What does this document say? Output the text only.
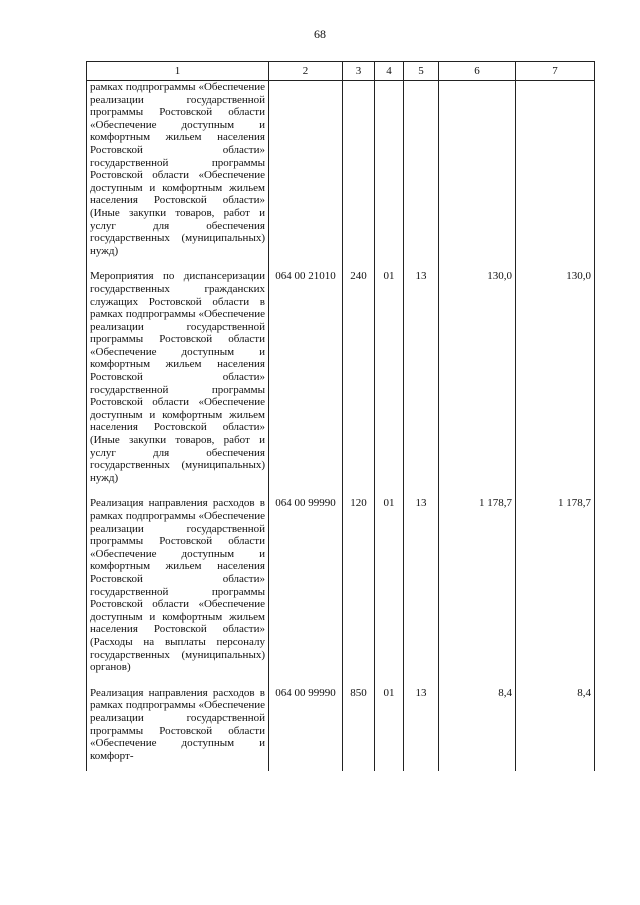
68
1	2	3	4	5	6	7
рамках подпрограммы «Обеспечение реализации государственной программы Ростовской области «Обеспечение доступным и комфортным жильем населения Ростовской области» государственной программы Ростовской области «Обеспечение доступным и комфортным жильем населения Ростовской области» (Иные закупки товаров, работ и услуг для обеспечения государственных (муниципальных) нужд)						
Мероприятия по диспансеризации государственных гражданских служащих Ростовской области в рамках подпрограммы «Обеспечение реализации государственной программы Ростовской области «Обеспечение доступным и комфортным жильем населения Ростовской области» государственной программы Ростовской области «Обеспечение доступным и комфортным жильем населения Ростовской области» (Иные закупки товаров, работ и услуг для обеспечения государственных (муниципальных) нужд)	064 00 21010	240	01	13	130,0	130,0
Реализация направления расходов в рамках подпрограммы «Обеспечение реализации государственной программы Ростовской области «Обеспечение доступным и комфортным жильем населения Ростовской области» государственной программы Ростовской области «Обеспечение доступным и комфортным жильем населения Ростовской области» (Расходы на выплаты персоналу государственных (муниципальных) органов)	064 00 99990	120	01	13	1 178,7	1 178,7
Реализация направления расходов в рамках подпрограммы «Обеспечение реализации государственной программы Ростовской области «Обеспечение доступным и комфорт-	064 00 99990	850	01	13	8,4	8,4
